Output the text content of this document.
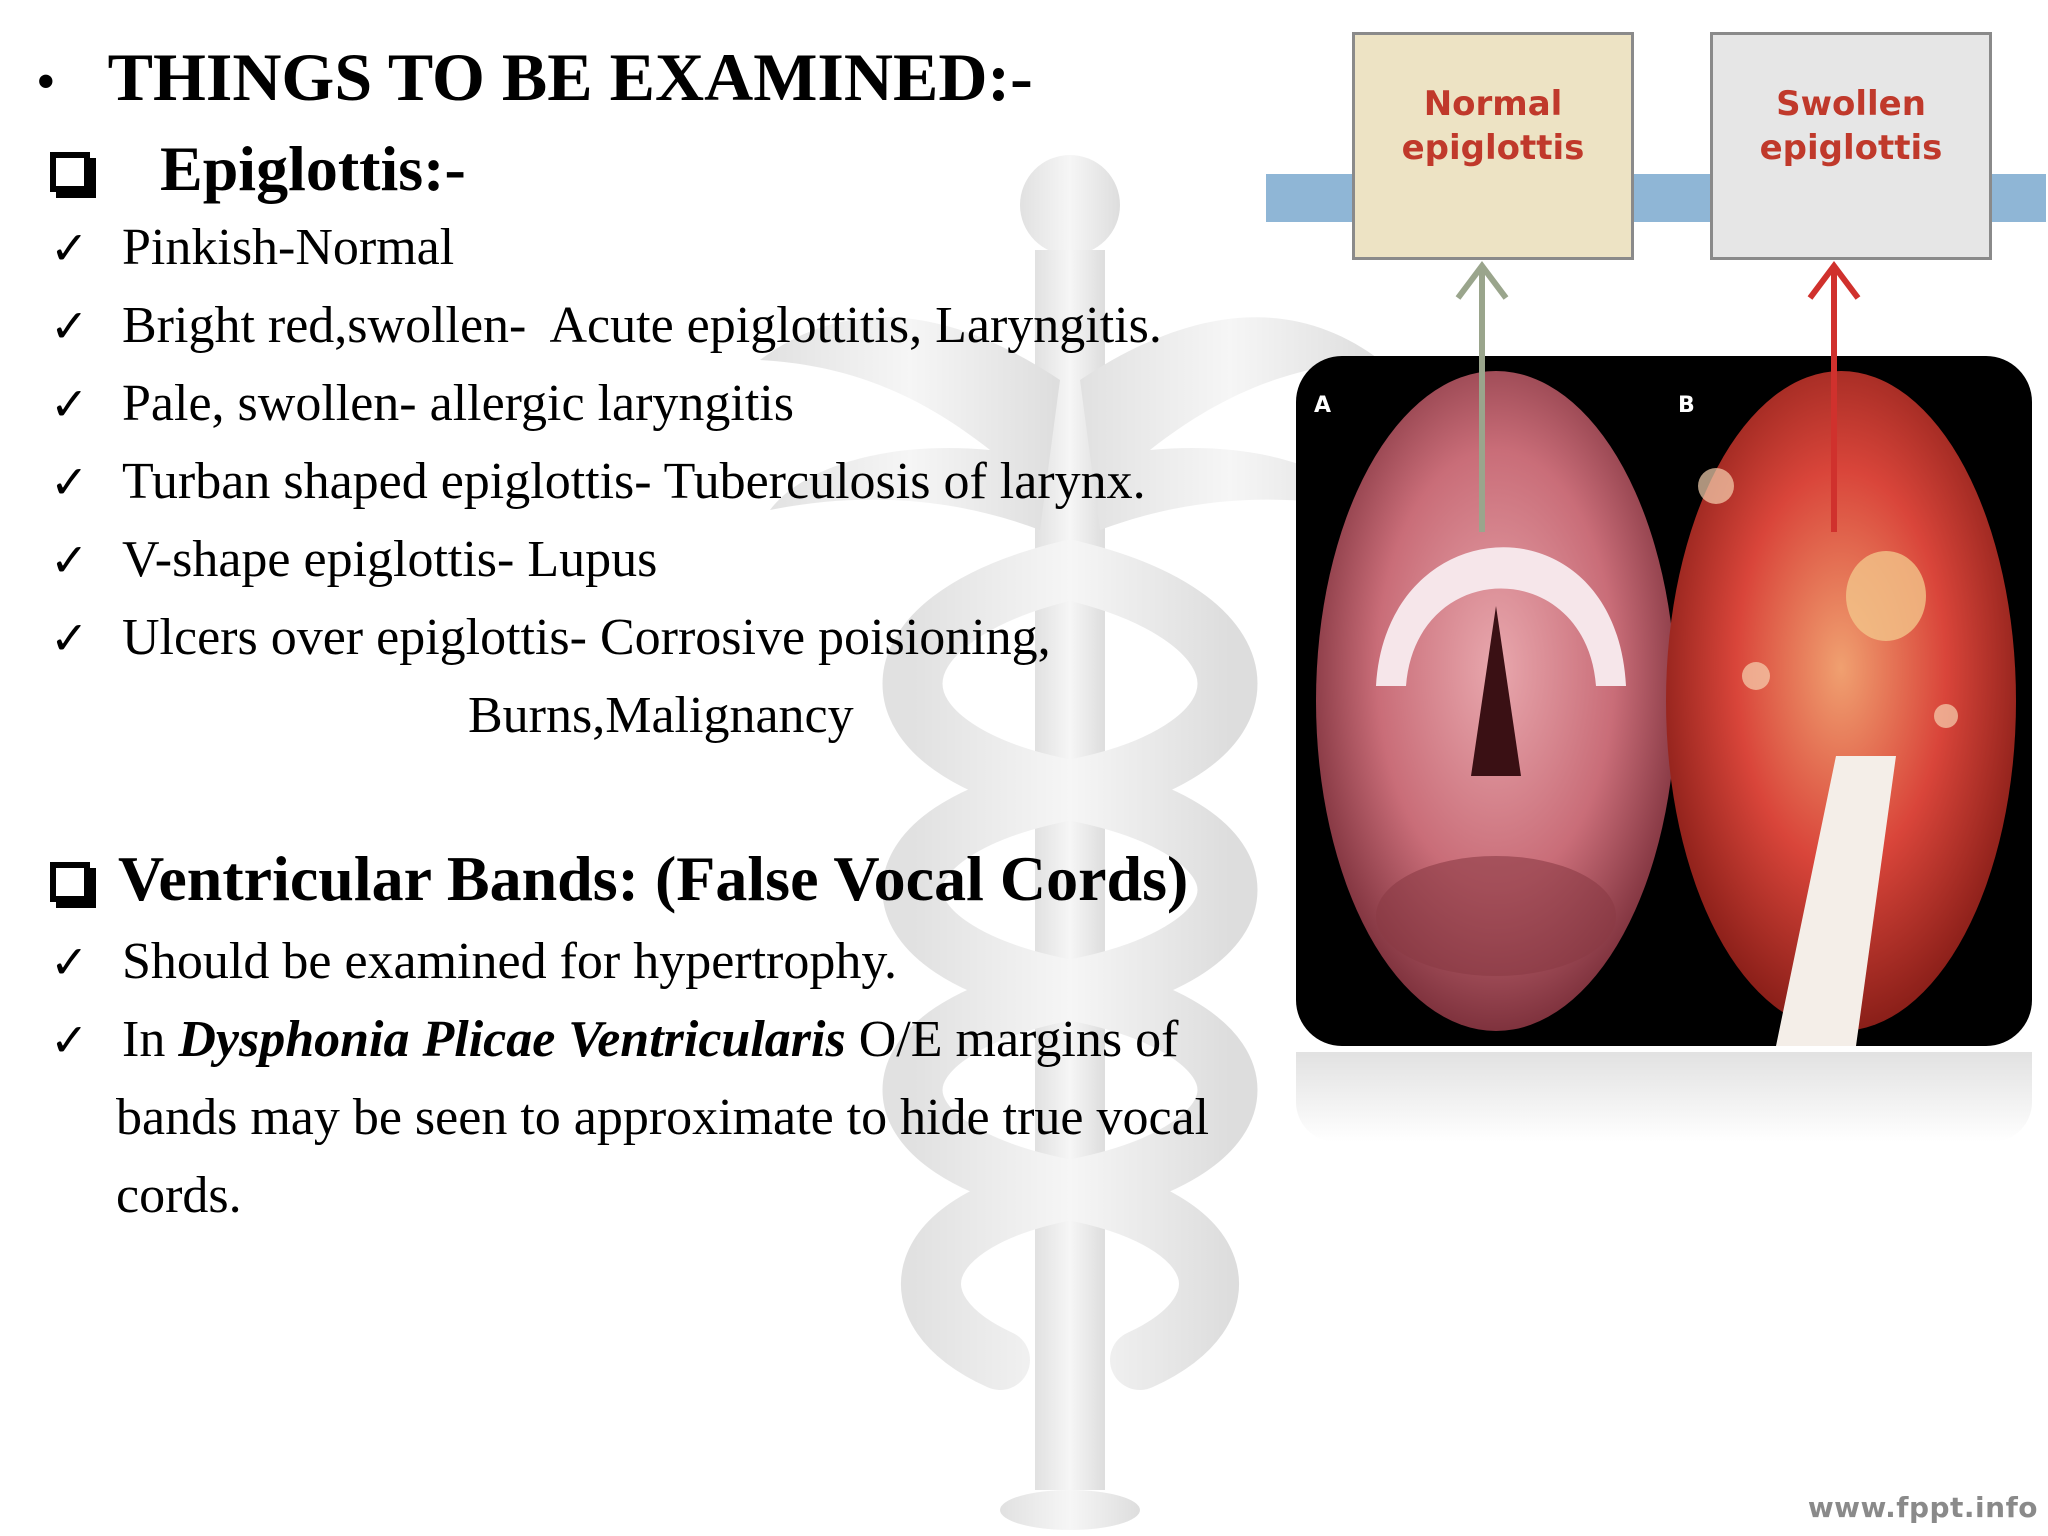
• THINGS TO BE EXAMINED:-
Epiglottis:-
✓ Pinkish-Normal
✓ Bright red,swollen-  Acute epiglottitis, Laryngitis.
✓ Pale, swollen- allergic laryngitis
✓ Turban shaped epiglottis- Tuberculosis of larynx.
✓ V-shape epiglottis- Lupus
✓ Ulcers over epiglottis- Corrosive poisioning,
Burns,Malignancy
Ventricular Bands: (False Vocal Cords)
✓ Should be examined for hypertrophy.
✓ In Dysphonia Plicae Ventricularis O/E margins of
bands may be seen to approximate to hide true vocal
cords.
Normal
epiglottis
Swollen
epiglottis
A	B
www.fppt.info
